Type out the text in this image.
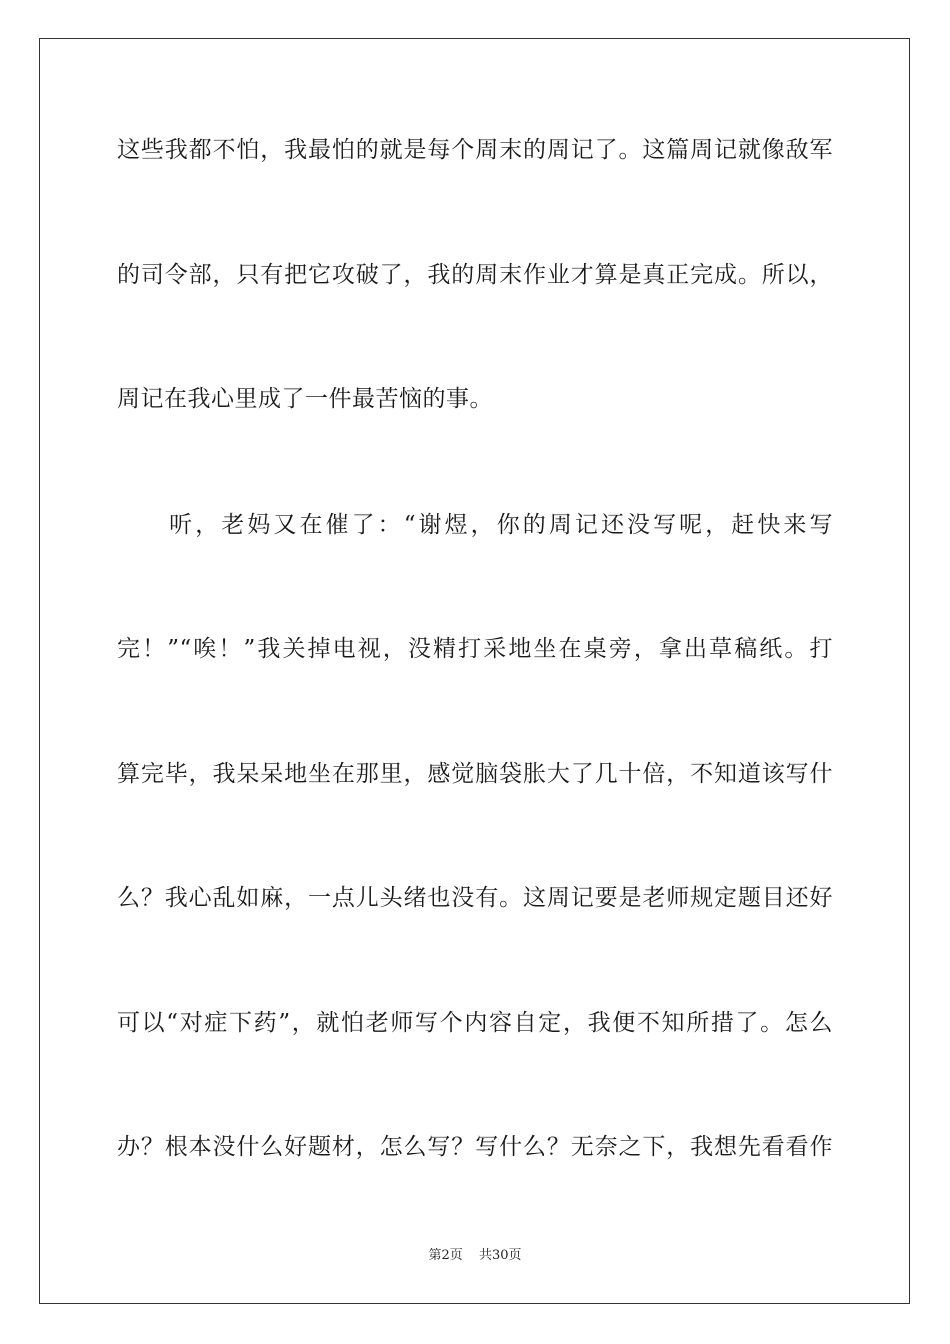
这些我都不怕，我最怕的就是每个周末的周记了。这篇周记就像敌军
的司令部，只有把它攻破了，我的周末作业才算是真正完成。所以，
周记在我心里成了一件最苦恼的事。
　　听，老妈又在催了：“谢煜，你的周记还没写呢，赶快来写
完！”“唉！”我关掉电视，没精打采地坐在桌旁，拿出草稿纸。打
算完毕，我呆呆地坐在那里，感觉脑袋胀大了几十倍，不知道该写什
么？我心乱如麻，一点儿头绪也没有。这周记要是老师规定题目还好
可以“对症下药”，就怕老师写个内容自定，我便不知所措了。怎么
办？根本没什么好题材，怎么写？写什么？无奈之下，我想先看看作
第2页 共30页
